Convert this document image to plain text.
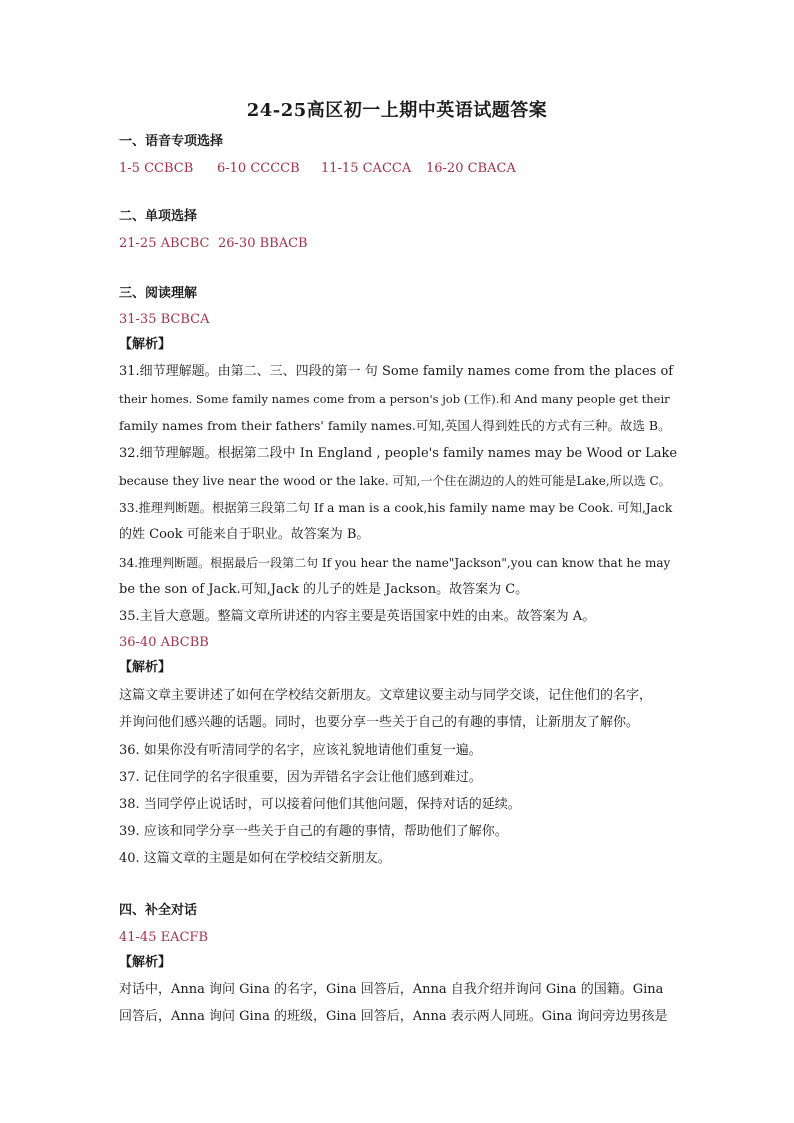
24-25高区初一上期中英语试题答案
一、语音专项选择
1-5 CCBCB 6-10 CCCCB 11-15 CACCA 16-20 CBACA
二、单项选择
21-25 ABCBC 26-30 BBACB
三、阅读理解
31-35 BCBCA
【解析】
31.细节理解题。由第二、三、四段的第一 句 Some family names come from the places of
their homes. Some family names come from a person's job (工作).和 And many people get their
family names from their fathers' family names.可知,英国人得到姓氏的方式有三种。故选 B。
32.细节理解题。根据第二段中 In England , people's family names may be Wood or Lake
because they live near the wood or the lake. 可知,一个住在湖边的人的姓可能是Lake,所以选 C。
33.推理判断题。根据第三段第二句 If a man is a cook,his family name may be Cook. 可知,Jack
的姓 Cook 可能来自于职业。故答案为 B。
34.推理判断题。根据最后一段第二句 If you hear the name"Jackson",you can know that he may
be the son of Jack.可知,Jack 的儿子的姓是 Jackson。故答案为 C。
35.主旨大意题。整篇文章所讲述的内容主要是英语国家中姓的由来。故答案为 A。
36-40 ABCBB
【解析】
这篇文章主要讲述了如何在学校结交新朋友。文章建议要主动与同学交谈，记住他们的名字，
并询问他们感兴趣的话题。同时，也要分享一些关于自己的有趣的事情，让新朋友了解你。
36. 如果你没有听清同学的名字，应该礼貌地请他们重复一遍。
37. 记住同学的名字很重要，因为弄错名字会让他们感到难过。
38. 当同学停止说话时，可以接着问他们其他问题，保持对话的延续。
39. 应该和同学分享一些关于自己的有趣的事情，帮助他们了解你。
40. 这篇文章的主题是如何在学校结交新朋友。
四、补全对话
41-45 EACFB
【解析】
对话中，Anna 询问 Gina 的名字，Gina 回答后，Anna 自我介绍并询问 Gina 的国籍。Gina
回答后，Anna 询问 Gina 的班级，Gina 回答后，Anna 表示两人同班。Gina 询问旁边男孩是
